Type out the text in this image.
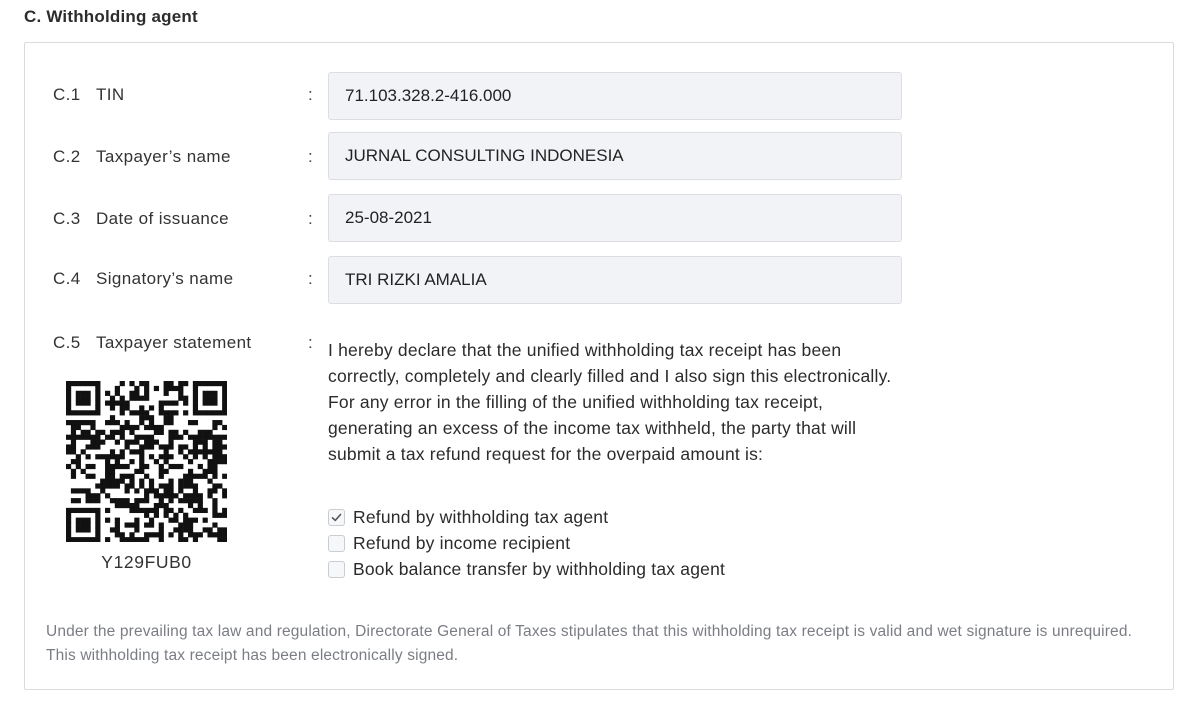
C. Withholding agent
C.1 TIN	:	71.103.328.2-416.000
C.2 Taxpayer’s name	:	JURNAL CONSULTING INDONESIA
C.3 Date of issuance	:	25-08-2021
C.4 Signatory’s name	:	TRI RIZKI AMALIA
C.5 Taxpayer statement	:
Y129FUB0
I hereby declare that the unified withholding tax receipt has been correctly, completely and clearly filled and I also sign this electronically. For any error in the filling of the unified withholding tax receipt, generating an excess of the income tax withheld, the party that will submit a tax refund request for the overpaid amount is:
Refund by withholding tax agent
Refund by income recipient
Book balance transfer by withholding tax agent
Under the prevailing tax law and regulation, Directorate General of Taxes stipulates that this withholding tax receipt is valid and wet signature is unrequired. This withholding tax receipt has been electronically signed.
